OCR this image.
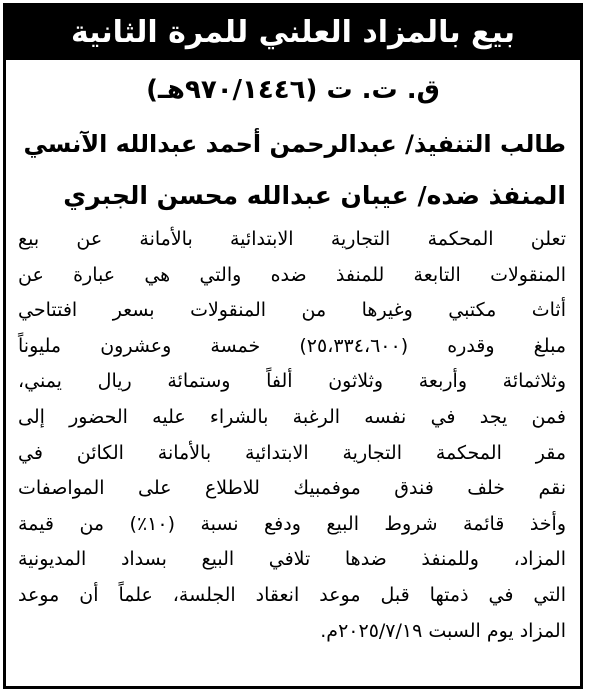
بيع بالمزاد العلني للمرة الثانية
ق. ت. ت (٩٧٠/١٤٤٦هـ)
طالب التنفيذ/ عبدالرحمن أحمد عبدالله الآنسي
المنفذ ضده/ عيبان عبدالله محسن الجبري
تعلن المحكمة التجارية الابتدائية بالأمانة عن بيع
المنقولات التابعة للمنفذ ضده والتي هي عبارة عن
أثاث مكتبي وغيرها من المنقولات بسعر افتتاحي
مبلغ وقدره (٢٥،٣٣٤،٦٠٠) خمسة وعشرون مليوناً
وثلاثمائة وأربعة وثلاثون ألفاً وستمائة ريال يمني،
فمن يجد في نفسه الرغبة بالشراء عليه الحضور إلى
مقر المحكمة التجارية الابتدائية بالأمانة الكائن في
نقم خلف فندق موفمبيك للاطلاع على المواصفات
وأخذ قائمة شروط البيع ودفع نسبة (١٠٪) من قيمة
المزاد، وللمنفذ ضدها تلافي البيع بسداد المديونية
التي في ذمتها قبل موعد انعقاد الجلسة، علماً أن موعد
المزاد يوم السبت ٢٠٢٥/٧/١٩م.
